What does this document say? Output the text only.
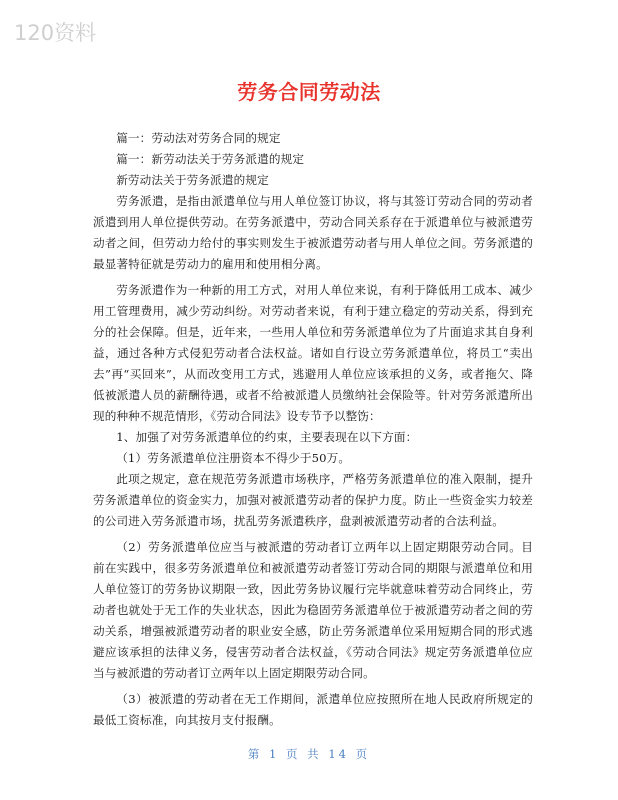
120资料
劳务合同劳动法

篇一：劳动法对劳务合同的规定

篇一：新劳动法关于劳务派遣的规定

新劳动法关于劳务派遣的规定

劳务派遣，是指由派遣单位与用人单位签订协议，将与其签订劳动合同的劳动者派遣到用人单位提供劳动。在劳务派遣中，劳动合同关系存在于派遣单位与被派遣劳动者之间，但劳动力给付的事实则发生于被派遣劳动者与用人单位之间。劳务派遣的最显著特征就是劳动力的雇用和使用相分离。

劳务派遣作为一种新的用工方式，对用人单位来说，有利于降低用工成本、减少用工管理费用，减少劳动纠纷。对劳动者来说，有利于建立稳定的劳动关系，得到充分的社会保障。但是，近年来，一些用人单位和劳务派遣单位为了片面追求其自身利益，通过各种方式侵犯劳动者合法权益。诸如自行设立劳务派遣单位，将员工“卖出去”再“买回来”，从而改变用工方式，逃避用人单位应该承担的义务，或者拖欠、降低被派遣人员的薪酬待遇，或者不给被派遣人员缴纳社会保险等。针对劳务派遣所出现的种种不规范情形，《劳动合同法》设专节予以整饬：

1、加强了对劳务派遣单位的约束，主要表现在以下方面：

（1）劳务派遣单位注册资本不得少于50万。

此项之规定，意在规范劳务派遣市场秩序，严格劳务派遣单位的准入限制，提升劳务派遣单位的资金实力，加强对被派遣劳动者的保护力度。防止一些资金实力较差的公司进入劳务派遣市场，扰乱劳务派遣秩序，盘剥被派遣劳动者的合法利益。

（2）劳务派遣单位应当与被派遣的劳动者订立两年以上固定期限劳动合同。目前在实践中，很多劳务派遣单位和被派遣劳动者签订劳动合同的期限与派遣单位和用人单位签订的劳务协议期限一致，因此劳务协议履行完毕就意味着劳动合同终止，劳动者也就处于无工作的失业状态，因此为稳固劳务派遣单位于被派遣劳动者之间的劳动关系，增强被派遣劳动者的职业安全感，防止劳务派遣单位采用短期合同的形式逃避应该承担的法律义务，侵害劳动者合法权益，《劳动合同法》规定劳务派遣单位应当与被派遣的劳动者订立两年以上固定期限劳动合同。

（3）被派遣的劳动者在无工作期间，派遣单位应按照所在地人民政府所规定的最低工资标准，向其按月支付报酬。

第 1 页 共 14 页
